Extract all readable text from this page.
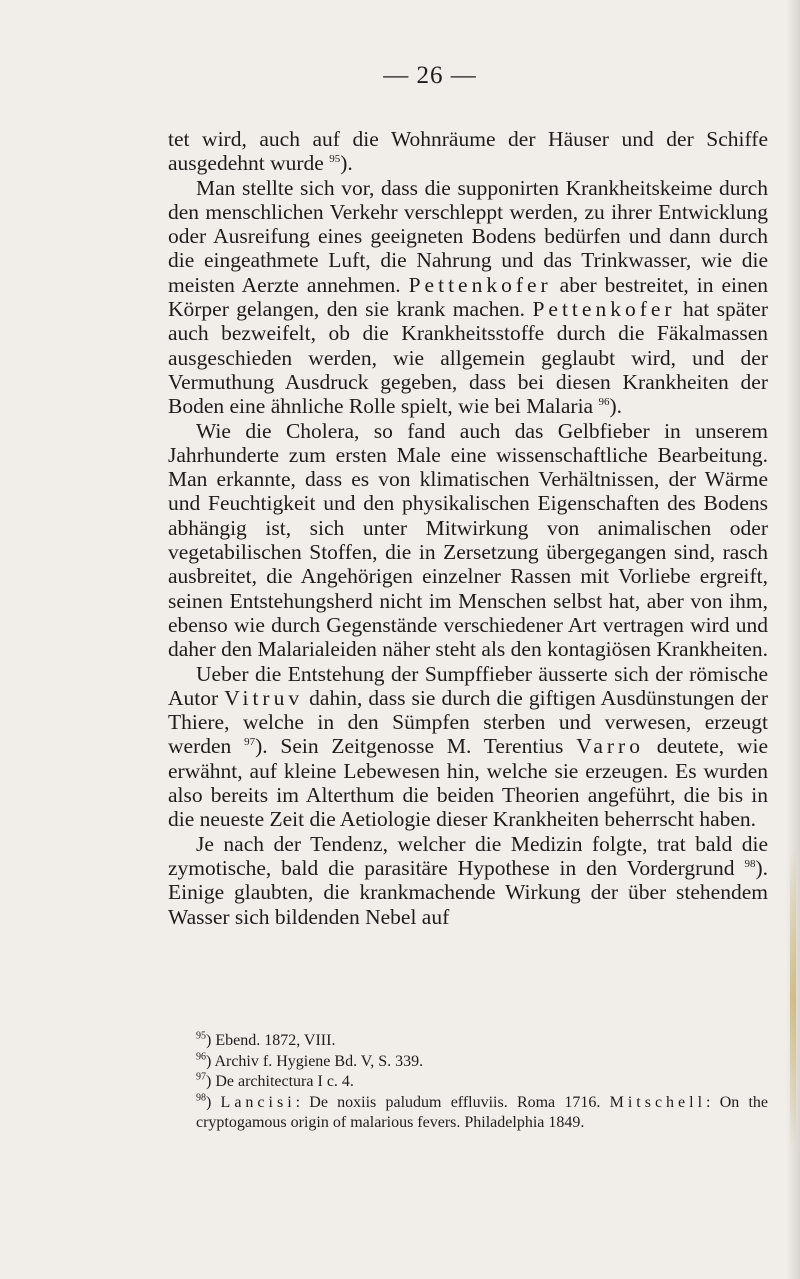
— 26 —

tet wird, auch auf die Wohnräume der Häuser und der Schiffe ausgedehnt wurde $^{95}$).

Man stellte sich vor, dass die supponirten Krankheitskeime durch den menschlichen Verkehr verschleppt werden, zu ihrer Entwicklung oder Ausreifung eines geeigneten Bodens bedürfen und dann durch die eingeathmete Luft, die Nahrung und das Trinkwasser, wie die meisten Aerzte annehmen. Pettenkofer aber bestreitet, in einen Körper gelangen, den sie krank machen. Pettenkofer hat später auch bezweifelt, ob die Krankheitsstoffe durch die Fäkalmassen ausgeschieden werden, wie allgemein geglaubt wird, und der Vermuthung Ausdruck gegeben, dass bei diesen Krankheiten der Boden eine ähnliche Rolle spielt, wie bei Malaria $^{96}$).

Wie die Cholera, so fand auch das Gelbfieber in unserem Jahrhunderte zum ersten Male eine wissenschaftliche Bearbeitung. Man erkannte, dass es von klimatischen Verhältnissen, der Wärme und Feuchtigkeit und den physikalischen Eigenschaften des Bodens abhängig ist, sich unter Mitwirkung von animalischen oder vegetabilischen Stoffen, die in Zersetzung übergegangen sind, rasch ausbreitet, die Angehörigen einzelner Rassen mit Vorliebe ergreift, seinen Entstehungsherd nicht im Menschen selbst hat, aber von ihm, ebenso wie durch Gegenstände verschiedener Art vertragen wird und daher den Malarialeiden näher steht als den kontagiösen Krankheiten.

Ueber die Entstehung der Sumpffieber äusserte sich der römische Autor Vitruv dahin, dass sie durch die giftigen Ausdünstungen der Thiere, welche in den Sümpfen sterben und verwesen, erzeugt werden $^{97}$). Sein Zeitgenosse M. Terentius Varro deutete, wie erwähnt, auf kleine Lebewesen hin, welche sie erzeugen. Es wurden also bereits im Alterthum die beiden Theorien angeführt, die bis in die neueste Zeit die Aetiologie dieser Krankheiten beherrscht haben.

Je nach der Tendenz, welcher die Medizin folgte, trat bald die zymotische, bald die parasitäre Hypothese in den Vordergrund $^{98}$). Einige glaubten, die krankmachende Wirkung der über stehendem Wasser sich bildenden Nebel auf

$^{95}$) Ebend. 1872, VIII.

$^{96}$) Archiv f. Hygiene Bd. V, S. 339.

$^{97}$) De architectura I c. 4.

$^{98}$) Lancisi: De noxiis paludum effluviis. Roma 1716. Mitschell: On the cryptogamous origin of malarious fevers. Philadelphia 1849.
